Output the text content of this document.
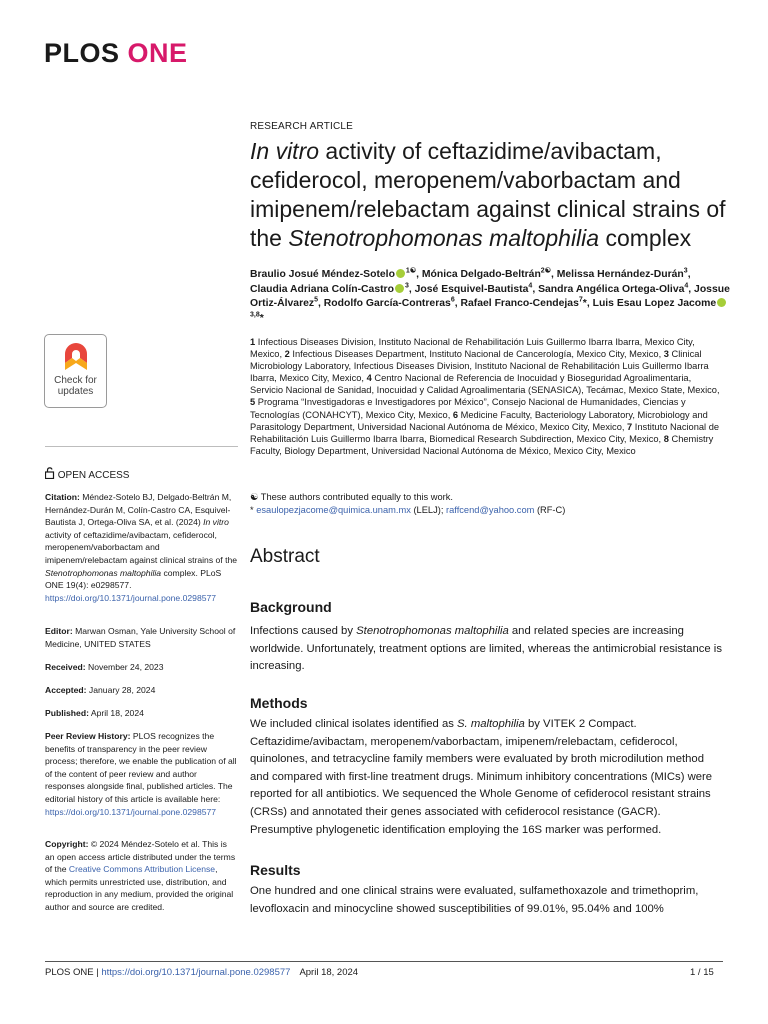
PLOS ONE
RESEARCH ARTICLE
In vitro activity of ceftazidime/avibactam, cefiderocol, meropenem/vaborbactam and imipenem/relebactam against clinical strains of the Stenotrophomonas maltophilia complex
Braulio Josué Méndez-Sotelo $^{1☯}$, Mónica Delgado-Beltrán$^{2☯}$, Melissa Hernández-Durán$^3$, Claudia Adriana Colín-Castro $^3$, José Esquivel-Bautista$^4$, Sandra Angélica Ortega-Oliva$^4$, Jossue Ortiz-Álvarez$^5$, Rodolfo García-Contreras$^6$, Rafael Franco-Cendejas$^7$*, Luis Esau Lopez Jacome$^{3,8}$*
1 Infectious Diseases Division, Instituto Nacional de Rehabilitación Luis Guillermo Ibarra Ibarra, Mexico City, Mexico, 2 Infectious Diseases Department, Instituto Nacional de Cancerología, Mexico City, Mexico, 3 Clinical Microbiology Laboratory, Infectious Diseases Division, Instituto Nacional de Rehabilitación Luis Guillermo Ibarra Ibarra, Mexico City, Mexico, 4 Centro Nacional de Referencia de Inocuidad y Bioseguridad Agroalimentaria, Servicio Nacional de Sanidad, Inocuidad y Calidad Agroalimentaria (SENASICA), Tecámac, Mexico State, Mexico, 5 Programa “Investigadoras e Investigadores por México”, Consejo Nacional de Humanidades, Ciencias y Tecnologías (CONAHCYT), Mexico City, Mexico, 6 Medicine Faculty, Bacteriology Laboratory, Microbiology and Parasitology Department, Universidad Nacional Autónoma de México, Mexico City, Mexico, 7 Instituto Nacional de Rehabilitación Luis Guillermo Ibarra Ibarra, Biomedical Research Subdirection, Mexico City, Mexico, 8 Chemistry Faculty, Biology Department, Universidad Nacional Autónoma de México, Mexico City, Mexico
☯ These authors contributed equally to this work.
* esaulopezjacome@quimica.unam.mx (LELJ); raffcend@yahoo.com (RF-C)
Check for
updates
OPEN ACCESS
Citation: Méndez-Sotelo BJ, Delgado-Beltrán M, Hernández-Durán M, Colín-Castro CA, Esquivel-Bautista J, Ortega-Oliva SA, et al. (2024) In vitro activity of ceftazidime/avibactam, cefiderocol, meropenem/vaborbactam and imipenem/relebactam against clinical strains of the Stenotrophomonas maltophilia complex. PLoS ONE 19(4): e0298577. https://doi.org/10.1371/journal.pone.0298577
Editor: Marwan Osman, Yale University School of Medicine, UNITED STATES
Received: November 24, 2023
Accepted: January 28, 2024
Published: April 18, 2024
Peer Review History: PLOS recognizes the benefits of transparency in the peer review process; therefore, we enable the publication of all of the content of peer review and author responses alongside final, published articles. The editorial history of this article is available here: https://doi.org/10.1371/journal.pone.0298577
Copyright: © 2024 Méndez-Sotelo et al. This is an open access article distributed under the terms of the Creative Commons Attribution License, which permits unrestricted use, distribution, and reproduction in any medium, provided the original author and source are credited.
Abstract
Background

Infections caused by Stenotrophomonas maltophilia and related species are increasing worldwide. Unfortunately, treatment options are limited, whereas the antimicrobial resistance is increasing.

Methods

We included clinical isolates identified as S. maltophilia by VITEK 2 Compact. Ceftazidime/avibactam, meropenem/vaborbactam, imipenem/relebactam, cefiderocol, quinolones, and tetracycline family members were evaluated by broth microdilution method and compared with first-line treatment drugs. Minimum inhibitory concentrations (MICs) were reported for all antibiotics. We sequenced the Whole Genome of cefiderocol resistant strains (CRSs) and annotated their genes associated with cefiderocol resistance (GACR). Presumptive phylogenetic identification employing the 16S marker was performed.

Results

One hundred and one clinical strains were evaluated, sulfamethoxazole and trimethoprim, levofloxacin and minocycline showed susceptibilities of 99.01%, 95.04% and 100%

PLOS ONE | https://doi.org/10.1371/journal.pone.0298577 April 18, 2024	1 / 15
